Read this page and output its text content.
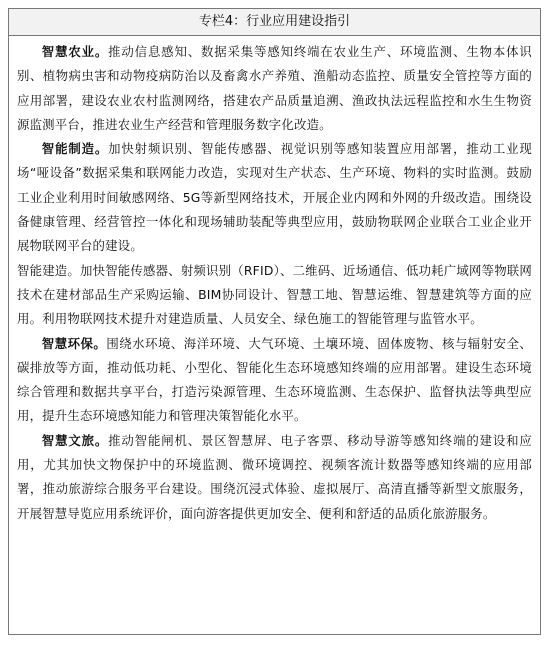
专栏4：行业应用建设指引

智慧农业。推动信息感知、数据采集等感知终端在农业生产、环境监测、生物本体识别、植物病虫害和动物疫病防治以及畜禽水产养殖、渔船动态监控、质量安全管控等方面的应用部署，建设农业农村监测网络，搭建农产品质量追溯、渔政执法远程监控和水生生物资源监测平台，推进农业生产经营和管理服务数字化改造。

智能制造。加快射频识别、智能传感器、视觉识别等感知装置应用部署，推动工业现场“哑设备”数据采集和联网能力改造，实现对生产状态、生产环境、物料的实时监测。鼓励工业企业利用时间敏感网络、5G等新型网络技术，开展企业内网和外网的升级改造。围绕设备健康管理、经营管控一体化和现场辅助装配等典型应用，鼓励物联网企业联合工业企业开展物联网平台的建设。

智能建造。加快智能传感器、射频识别（RFID）、二维码、近场通信、低功耗广域网等物联网技术在建材部品生产采购运输、BIM协同设计、智慧工地、智慧运维、智慧建筑等方面的应用。利用物联网技术提升对建造质量、人员安全、绿色施工的智能管理与监管水平。

智慧环保。围绕水环境、海洋环境、大气环境、土壤环境、固体废物、核与辐射安全、碳排放等方面，推动低功耗、小型化、智能化生态环境感知终端的应用部署。建设生态环境综合管理和数据共享平台，打造污染源管理、生态环境监测、生态保护、监督执法等典型应用，提升生态环境感知能力和管理决策智能化水平。

智慧文旅。推动智能闸机、景区智慧屏、电子客票、移动导游等感知终端的建设和应用，尤其加快文物保护中的环境监测、微环境调控、视频客流计数器等感知终端的应用部署，推动旅游综合服务平台建设。围绕沉浸式体验、虚拟展厅、高清直播等新型文旅服务，开展智慧导览应用系统评价，面向游客提供更加安全、便利和舒适的品质化旅游服务。
